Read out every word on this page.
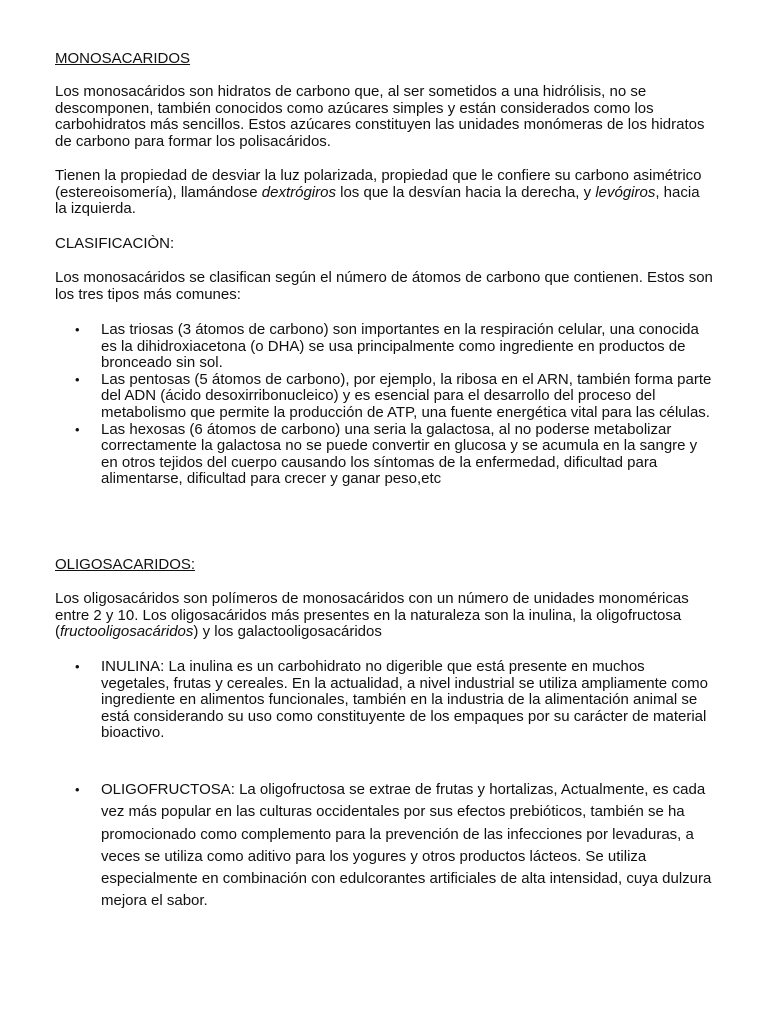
MONOSACARIDOS

Los monosacáridos son hidratos de carbono que, al ser sometidos a una hidrólisis, no se descomponen, también conocidos como azúcares simples y están considerados como los carbohidratos más sencillos. Estos azúcares constituyen las unidades monómeras de los hidratos de carbono para formar los polisacáridos.

Tienen la propiedad de desviar la luz polarizada, propiedad que le confiere su carbono asimétrico (estereoisomería), llamándose dextrógiros los que la desvían hacia la derecha, y levógiros, hacia la izquierda.

CLASIFICACIÒN:

Los monosacáridos se clasifican según el número de átomos de carbono que contienen. Estos son los tres tipos más comunes:

• Las triosas (3 átomos de carbono) son importantes en la respiración celular, una conocida es la dihidroxiacetona (o DHA) se usa principalmente como ingrediente en productos de bronceado sin sol.
• Las pentosas (5 átomos de carbono), por ejemplo, la ribosa en el ARN, también forma parte del ADN (ácido desoxirribonucleico) y es esencial para el desarrollo del proceso del metabolismo que permite la producción de ATP, una fuente energética vital para las células.
• Las hexosas (6 átomos de carbono) una seria la galactosa, al no poderse metabolizar correctamente la galactosa no se puede convertir en glucosa y se acumula en la sangre y en otros tejidos del cuerpo causando los síntomas de la enfermedad, dificultad para alimentarse, dificultad para crecer y ganar peso,etc

OLIGOSACARIDOS:

Los oligosacáridos son polímeros de monosacáridos con un número de unidades monoméricas entre 2 y 10. Los oligosacáridos más presentes en la naturaleza son la inulina, la oligofructosa (fructooligosacáridos) y los galactooligosacáridos

• INULINA: La inulina es un carbohidrato no digerible que está presente en muchos vegetales, frutas y cereales. En la actualidad, a nivel industrial se utiliza ampliamente como ingrediente en alimentos funcionales, también en la industria de la alimentación animal se está considerando su uso como constituyente de los empaques por su carácter de material bioactivo.
• OLIGOFRUCTOSA: La oligofructosa se extrae de frutas y hortalizas, Actualmente, es cada vez más popular en las culturas occidentales por sus efectos prebióticos, también se ha promocionado como complemento para la prevención de las infecciones por levaduras, a veces se utiliza como aditivo para los yogures y otros productos lácteos. Se utiliza especialmente en combinación con edulcorantes artificiales de alta intensidad, cuya dulzura mejora el sabor.
